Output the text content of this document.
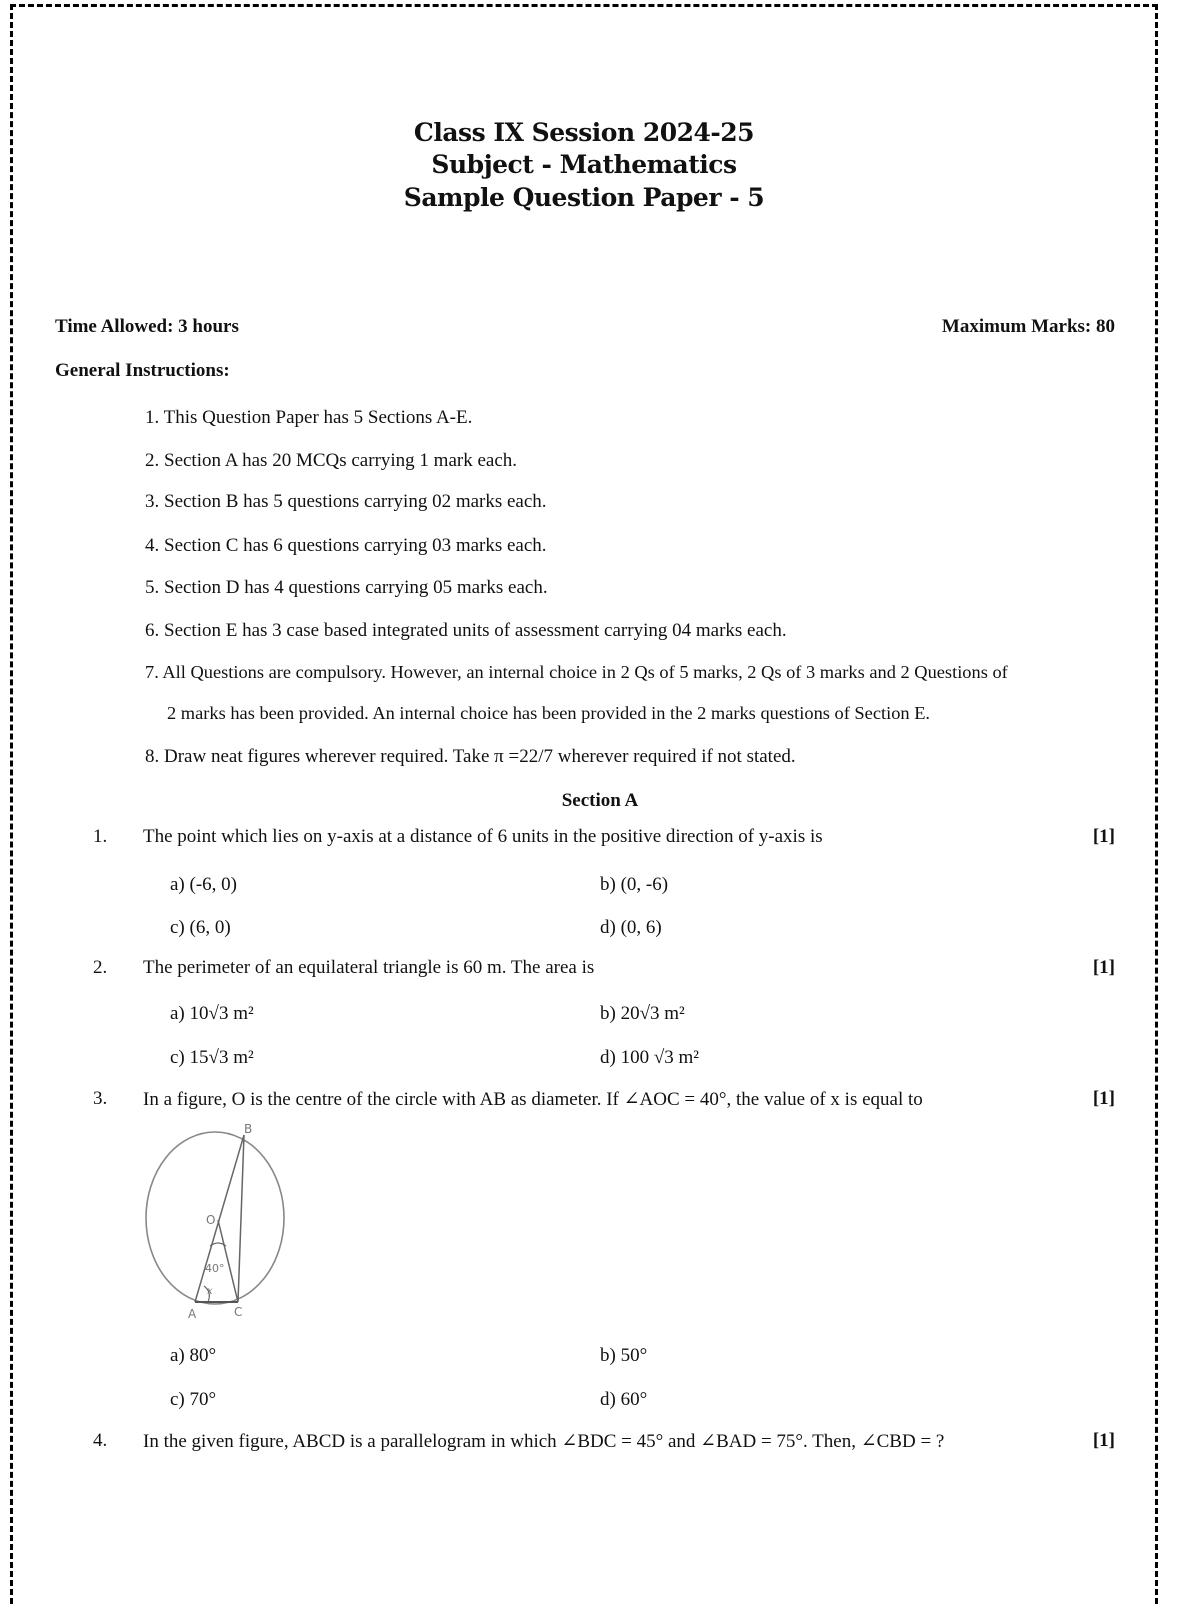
Class IX Session 2024-25
Subject - Mathematics
Sample Question Paper - 5
Time Allowed: 3 hours	Maximum Marks: 80
General Instructions:
1. This Question Paper has 5 Sections A-E.
2. Section A has 20 MCQs carrying 1 mark each.
3. Section B has 5 questions carrying 02 marks each.
4. Section C has 6 questions carrying 03 marks each.
5. Section D has 4 questions carrying 05 marks each.
6. Section E has 3 case based integrated units of assessment carrying 04 marks each.
7. All Questions are compulsory. However, an internal choice in 2 Qs of 5 marks, 2 Qs of 3 marks and 2 Questions of
2 marks has been provided. An internal choice has been provided in the 2 marks questions of Section E.
8. Draw neat figures wherever required. Take π =22/7 wherever required if not stated.
Section A
1. The point which lies on y-axis at a distance of 6 units in the positive direction of y-axis is	[1]
a) (-6, 0)	b) (0, -6)
c) (6, 0)	d) (0, 6)
2. The perimeter of an equilateral triangle is 60 m. The area is	[1]
a) 10√3 m²	b) 20√3 m²
c) 15√3 m²	d) 100 √3 m²
3. In a figure, O is the centre of the circle with AB as diameter. If ∠AOC = 40°, the value of x is equal to	[1]
B
O
40°
x
A	C
a) 80°	b) 50°
c) 70°	d) 60°
4. In the given figure, ABCD is a parallelogram in which ∠BDC = 45° and ∠BAD = 75°. Then, ∠CBD = ?	[1]
